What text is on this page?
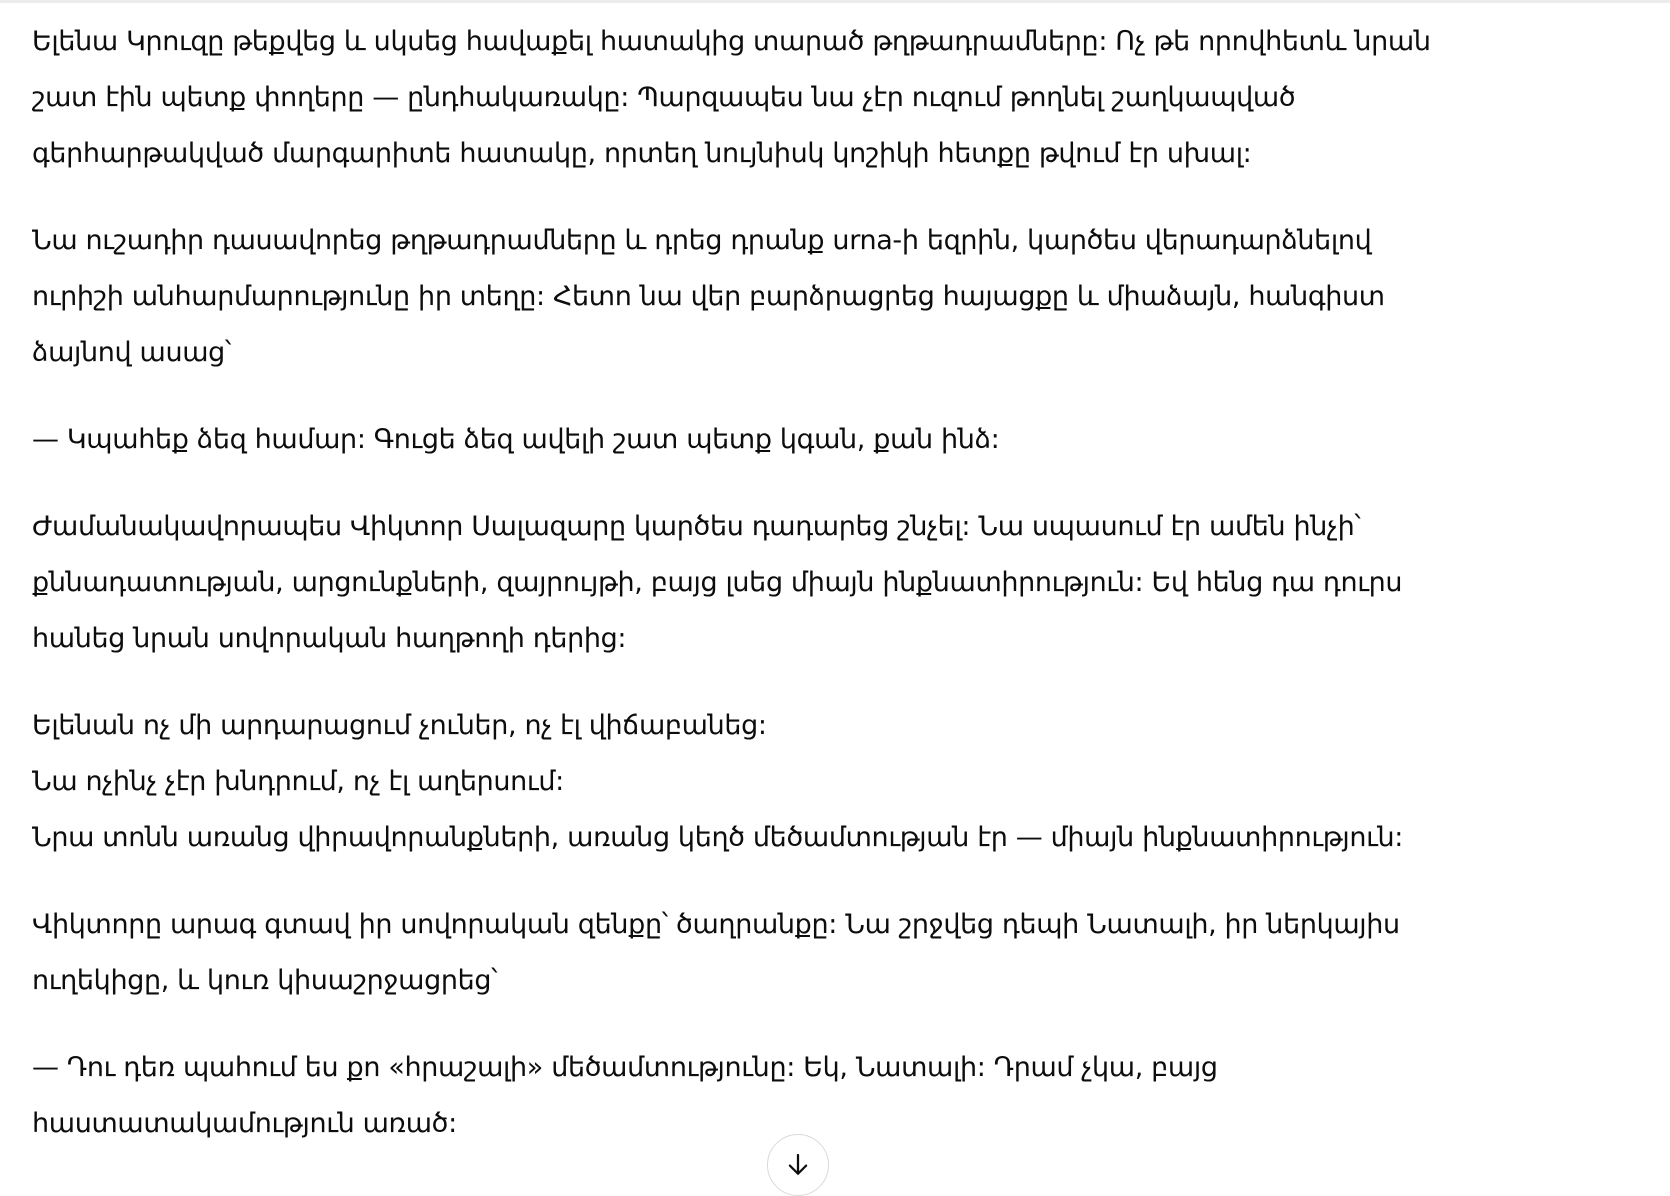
Ելենա Կրուզը թեքվեց և սկսեց հավաքել հատակից տարած թղթադրամները: Ոչ թե որովհետև նրան
շատ էին պետք փողերը — ընդհակառակը: Պարզապես նա չէր ուզում թողնել շաղկապված
գերհարթակված մարգարիտե հատակը, որտեղ նույնիսկ կոշիկի հետքը թվում էր սխալ:

Նա ուշադիր դասավորեց թղթադրամները և դրեց դրանք urna-ի եզրին, կարծես վերադարձնելով
ուրիշի անհարմարությունը իր տեղը: Հետո նա վեր բարձրացրեց հայացքը և միաձայն, հանգիստ
ձայնով ասաց՝

— Կպահեք ձեզ համար: Գուցե ձեզ ավելի շատ պետք կգան, քան ինձ:

Ժամանակավորապես Վիկտոր Սալազարը կարծես դադարեց շնչել: Նա սպասում էր ամեն ինչի՝
քննադատության, արցունքների, զայրույթի, բայց լսեց միայն ինքնատիրություն: Եվ հենց դա դուրս
հանեց նրան սովորական հաղթողի դերից:

Ելենան ոչ մի արդարացում չուներ, ոչ էլ վիճաբանեց:
Նա ոչինչ չէր խնդրում, ոչ էլ աղերսում:
Նրա տոնն առանց վիրավորանքների, առանց կեղծ մեծամտության էր — միայն ինքնատիրություն:

Վիկտորը արագ գտավ իր սովորական զենքը՝ ծաղրանքը: Նա շրջվեց դեպի Նատալի, իր ներկայիս
ուղեկիցը, և կուռ կիսաշրջացրեց՝

— Դու դեռ պահում ես քո «հրաշալի» մեծամտությունը: Եկ, Նատալի: Դրամ չկա, բայց
հաստատակամություն առած:
